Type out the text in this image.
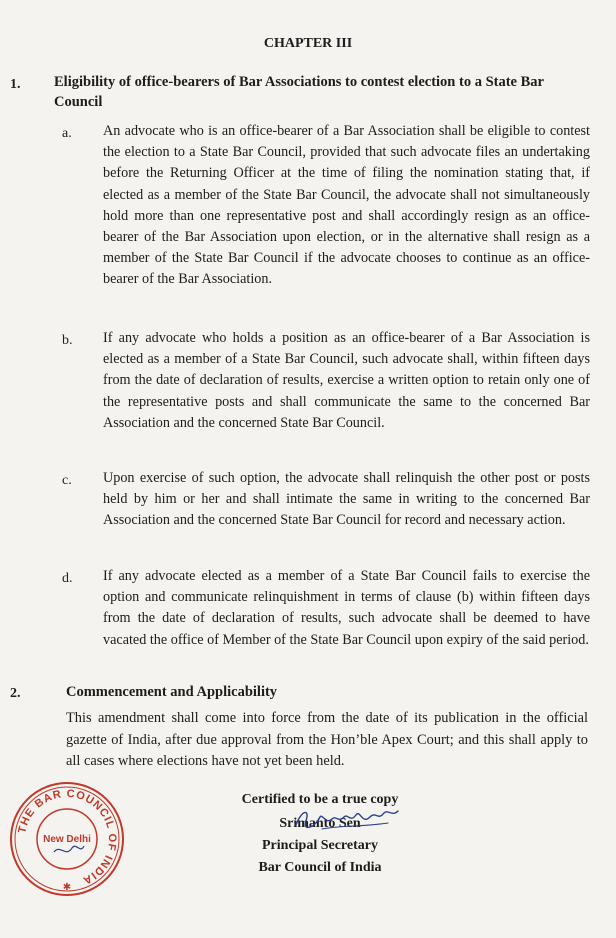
CHAPTER III
1. Eligibility of office-bearers of Bar Associations to contest election to a State Bar Council
a. An advocate who is an office-bearer of a Bar Association shall be eligible to contest the election to a State Bar Council, provided that such advocate files an undertaking before the Returning Officer at the time of filing the nomination stating that, if elected as a member of the State Bar Council, the advocate shall not simultaneously hold more than one representative post and shall accordingly resign as an office-bearer of the Bar Association upon election, or in the alternative shall resign as a member of the State Bar Council if the advocate chooses to continue as an office-bearer of the Bar Association.
b. If any advocate who holds a position as an office-bearer of a Bar Association is elected as a member of a State Bar Council, such advocate shall, within fifteen days from the date of declaration of results, exercise a written option to retain only one of the representative posts and shall communicate the same to the concerned Bar Association and the concerned State Bar Council.
c. Upon exercise of such option, the advocate shall relinquish the other post or posts held by him or her and shall intimate the same in writing to the concerned Bar Association and the concerned State Bar Council for record and necessary action.
d. If any advocate elected as a member of a State Bar Council fails to exercise the option and communicate relinquishment in terms of clause (b) within fifteen days from the date of declaration of results, such advocate shall be deemed to have vacated the office of Member of the State Bar Council upon expiry of the said period.
2.	Commencement and Applicability
This amendment shall come into force from the date of its publication in the official gazette of India, after due approval from the Hon’ble Apex Court; and this shall apply to all cases where elections have not yet been held.
Certified to be a true copy
Srimanto Sen
Principal Secretary
Bar Council of India
THE BAR COUNCIL OF INDIA
New Delhi
✱
